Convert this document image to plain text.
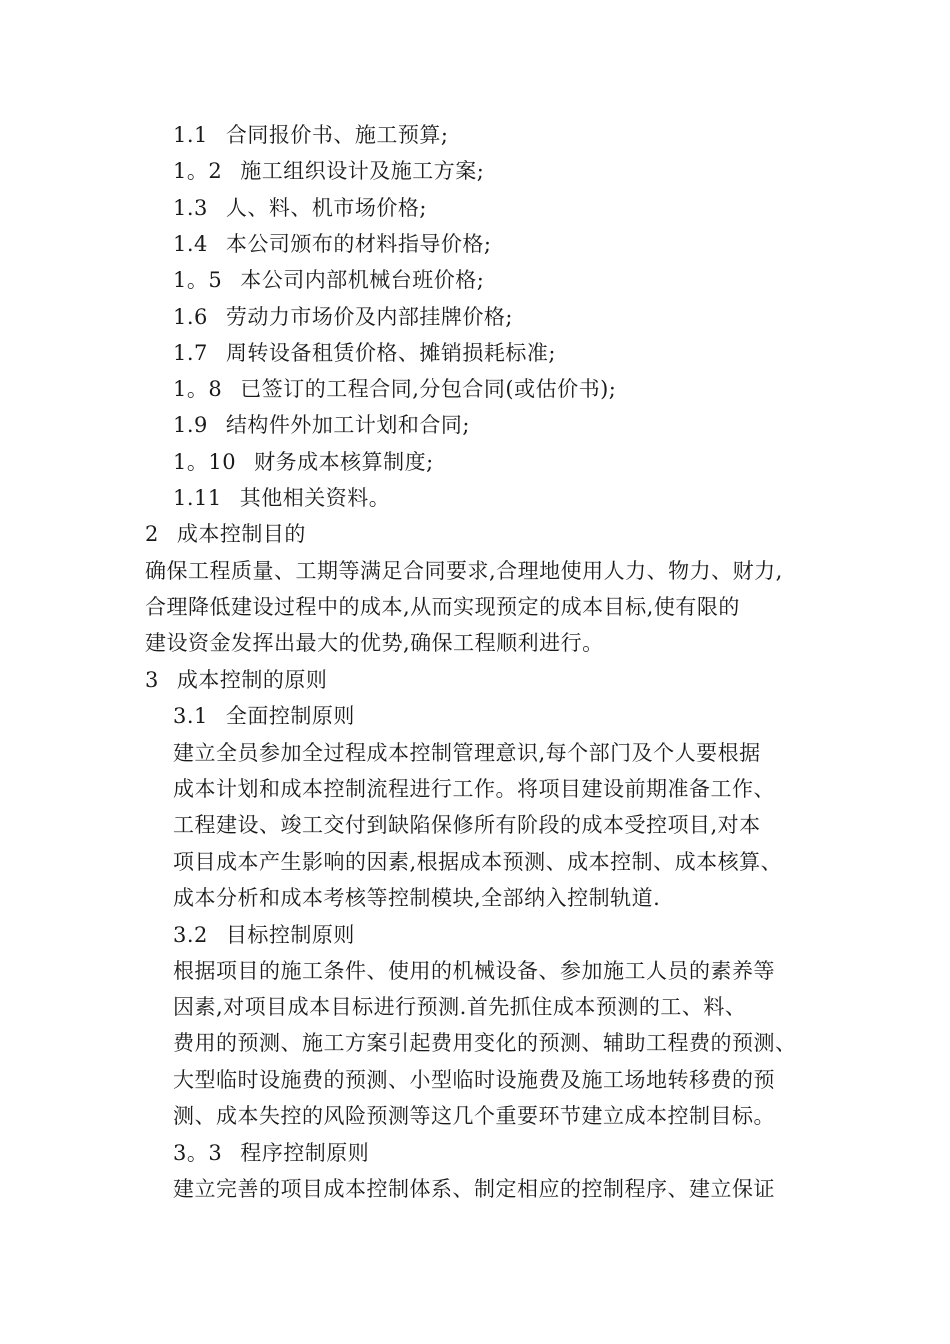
1.1 合同报价书、施工预算;
1。2 施工组织设计及施工方案;
1.3 人、料、机市场价格;
1.4 本公司颁布的材料指导价格;
1。5 本公司内部机械台班价格;
1.6 劳动力市场价及内部挂牌价格;
1.7 周转设备租赁价格、摊销损耗标准;
1。8 已签订的工程合同,分包合同(或估价书);
1.9 结构件外加工计划和合同;
1。10 财务成本核算制度;
1.11 其他相关资料。
2 成本控制目的
确保工程质量、工期等满足合同要求,合理地使用人力、物力、财力,
合理降低建设过程中的成本,从而实现预定的成本目标,使有限的
建设资金发挥出最大的优势,确保工程顺利进行。
3 成本控制的原则
3.1 全面控制原则
建立全员参加全过程成本控制管理意识,每个部门及个人要根据
成本计划和成本控制流程进行工作。将项目建设前期准备工作、
工程建设、竣工交付到缺陷保修所有阶段的成本受控项目,对本
项目成本产生影响的因素,根据成本预测、成本控制、成本核算、
成本分析和成本考核等控制模块,全部纳入控制轨道.
3.2 目标控制原则
根据项目的施工条件、使用的机械设备、参加施工人员的素养等
因素,对项目成本目标进行预测.首先抓住成本预测的工、料、
费用的预测、施工方案引起费用变化的预测、辅助工程费的预测、
大型临时设施费的预测、小型临时设施费及施工场地转移费的预
测、成本失控的风险预测等这几个重要环节建立成本控制目标。
3。3 程序控制原则
建立完善的项目成本控制体系、制定相应的控制程序、建立保证
